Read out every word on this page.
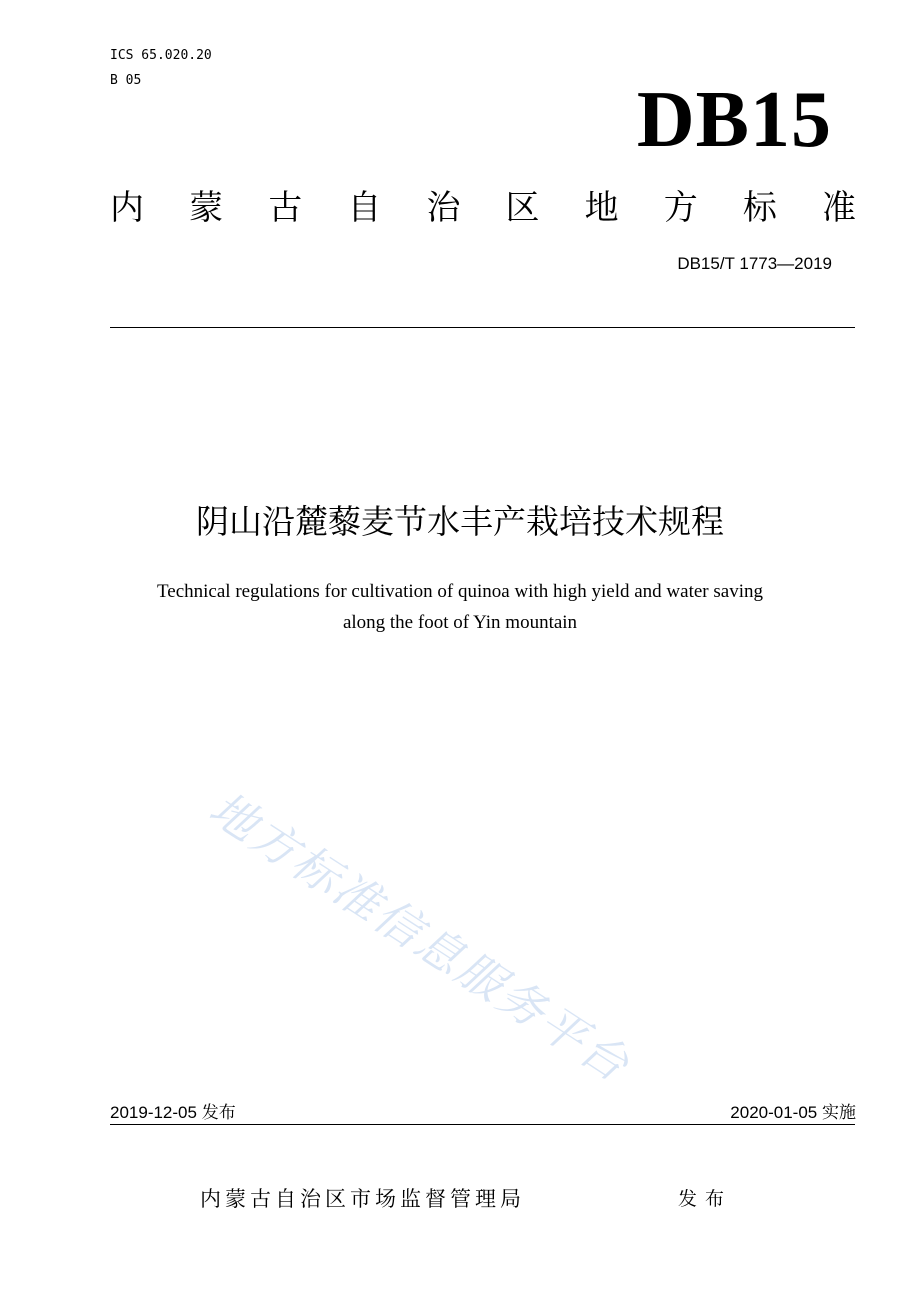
ICS 65.020.20
B 05	DB15
内 蒙 古 自 治 区 地 方 标 准
DB15/T 1773—2019
阴山沿麓藜麦节水丰产栽培技术规程
Technical regulations for cultivation of quinoa with high yield and water saving
along the foot of Yin mountain
地方标准信息服务平台
2019-12-05 发布	2020-01-05 实施
内蒙古自治区市场监督管理局	发布
